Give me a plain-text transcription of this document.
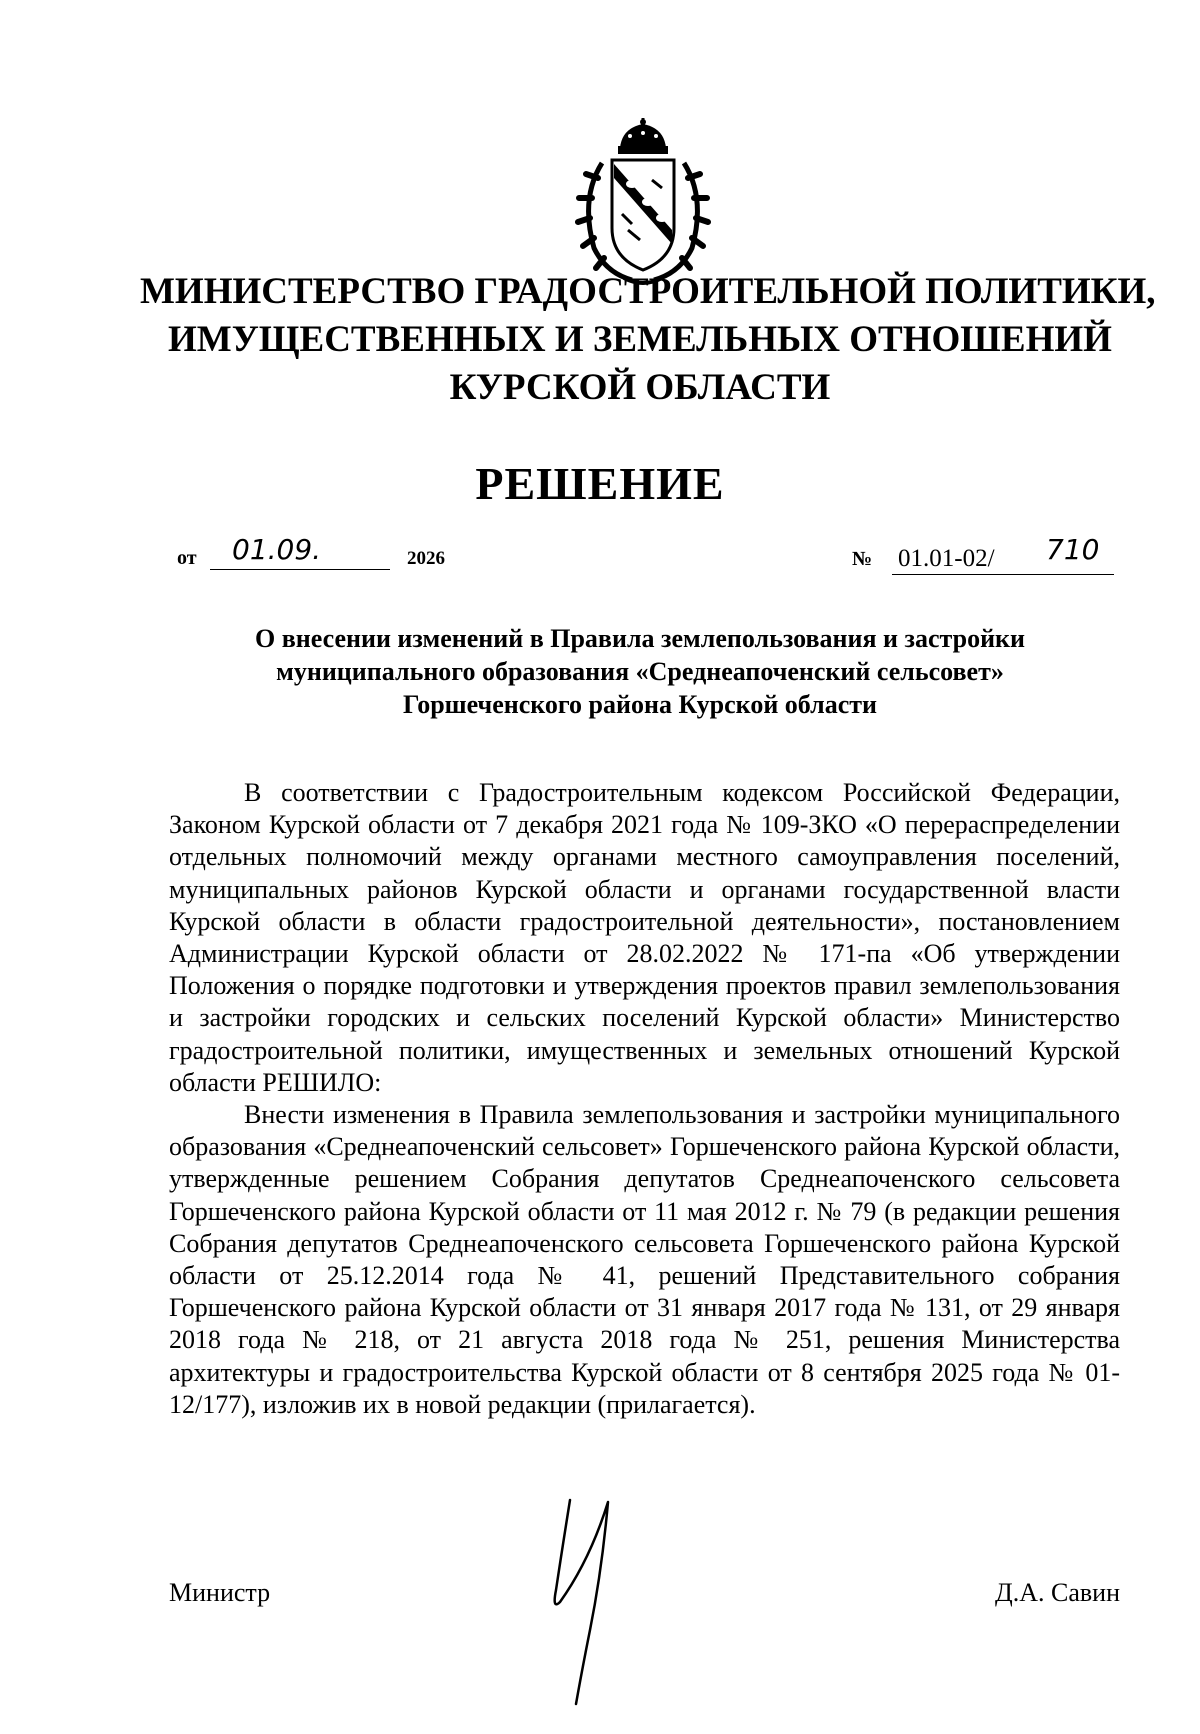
МИНИСТЕРСТВО ГРАДОСТРОИТЕЛЬНОЙ ПОЛИТИКИ,
ИМУЩЕСТВЕННЫХ И ЗЕМЕЛЬНЫХ ОТНОШЕНИЙ
КУРСКОЙ ОБЛАСТИ
РЕШЕНИЕ
от 01.09.	2026	№ 01.01-02/ 710
О внесении изменений в Правила землепользования и застройки
муниципального образования «Среднеапоченский сельсовет»
Горшеченского района Курской области

В соответствии с Градостроительным кодексом Российской Федерации, Законом Курской области от 7 декабря 2021 года № 109-ЗКО «О перераспределении отдельных полномочий между органами местного самоуправления поселений, муниципальных районов Курской области и органами государственной власти Курской области в области градостроительной деятельности», постановлением Администрации Курской области от 28.02.2022 № 171-па «Об утверждении Положения о порядке подготовки и утверждения проектов правил землепользования и застройки городских и сельских поселений Курской области» Министерство градостроительной политики, имущественных и земельных отношений Курской области РЕШИЛО:

Внести изменения в Правила землепользования и застройки муниципального образования «Среднеапоченский сельсовет» Горшеченского района Курской области, утвержденные решением Собрания депутатов Среднеапоченского сельсовета Горшеченского района Курской области от 11 мая 2012 г. № 79 (в редакции решения Собрания депутатов Среднеапоченского сельсовета Горшеченского района Курской области от 25.12.2014 года № 41, решений Представительного собрания Горшеченского района Курской области от 31 января 2017 года № 131, от 29 января 2018 года № 218, от 21 августа 2018 года № 251, решения Министерства архитектуры и градостроительства Курской области от 8 сентября 2025 года № 01-12/177), изложив их в новой редакции (прилагается).

Министр	Д.А. Савин
